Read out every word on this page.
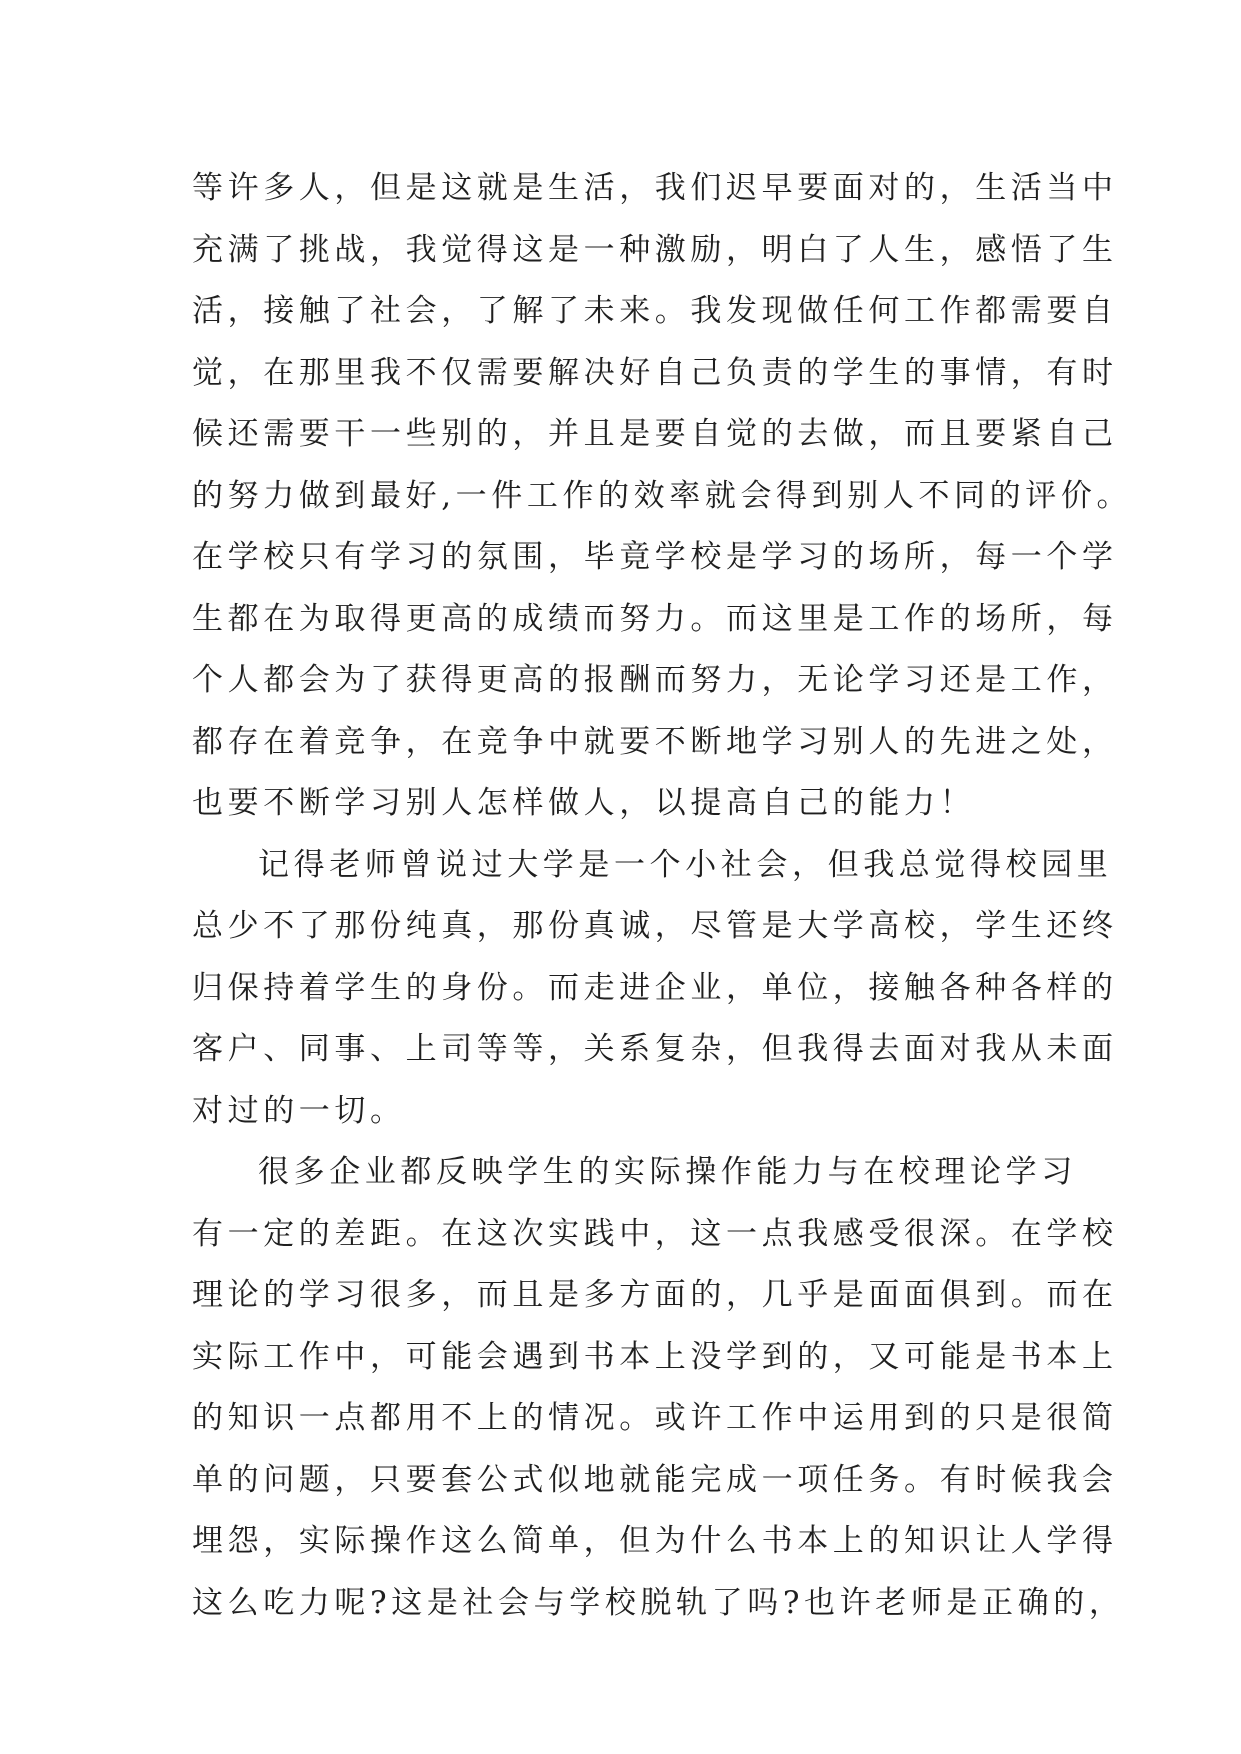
等许多人，但是这就是生活，我们迟早要面对的，生活当中
充满了挑战，我觉得这是一种激励，明白了人生，感悟了生
活，接触了社会，了解了未来。我发现做任何工作都需要自
觉，在那里我不仅需要解决好自己负责的学生的事情，有时
候还需要干一些别的，并且是要自觉的去做，而且要紧自己
的努力做到最好,一件工作的效率就会得到别人不同的评价。
在学校只有学习的氛围，毕竟学校是学习的场所，每一个学
生都在为取得更高的成绩而努力。而这里是工作的场所，每
个人都会为了获得更高的报酬而努力，无论学习还是工作，
都存在着竞争，在竞争中就要不断地学习别人的先进之处，
也要不断学习别人怎样做人，以提高自己的能力！
记得老师曾说过大学是一个小社会，但我总觉得校园里
总少不了那份纯真，那份真诚，尽管是大学高校，学生还终
归保持着学生的身份。而走进企业，单位，接触各种各样的
客户、同事、上司等等，关系复杂，但我得去面对我从未面
对过的一切。
很多企业都反映学生的实际操作能力与在校理论学习
有一定的差距。在这次实践中，这一点我感受很深。在学校
理论的学习很多，而且是多方面的，几乎是面面俱到。而在
实际工作中，可能会遇到书本上没学到的，又可能是书本上
的知识一点都用不上的情况。或许工作中运用到的只是很简
单的问题，只要套公式似地就能完成一项任务。有时候我会
埋怨，实际操作这么简单，但为什么书本上的知识让人学得
这么吃力呢?这是社会与学校脱轨了吗?也许老师是正确的，
